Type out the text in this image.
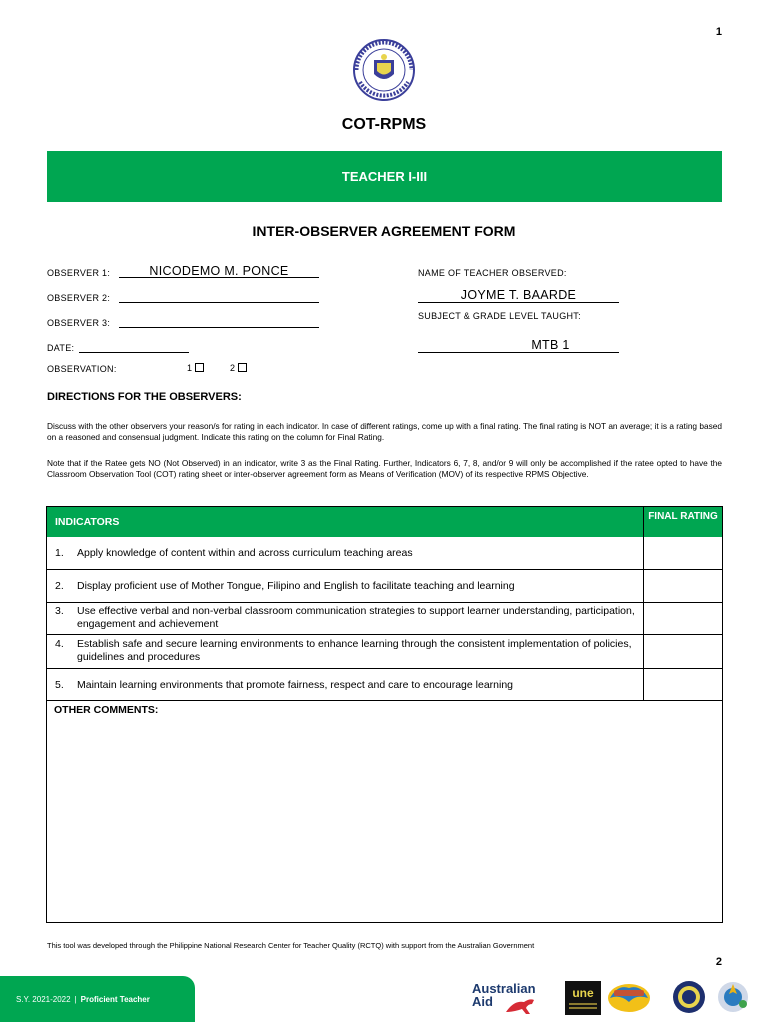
1
COT-RPMS
TEACHER I-III
INTER-OBSERVER AGREEMENT FORM
OBSERVER 1:	NICODEMO M. PONCE
OBSERVER 2:
OBSERVER 3:
DATE:
OBSERVATION:	1	2
NAME OF TEACHER OBSERVED:
JOYME T. BAARDE
SUBJECT & GRADE LEVEL TAUGHT:
MTB 1
DIRECTIONS FOR THE OBSERVERS:
Discuss with the other observers your reason/s for rating in each indicator. In case of different ratings, come up with a final rating. The final rating is NOT an average; it is a rating based on a reasoned and consensual judgment. Indicate this rating on the column for Final Rating.
Note that if the Ratee gets NO (Not Observed) in an indicator, write 3 as the Final Rating. Further, Indicators 6, 7, 8, and/or 9 will only be accomplished if the ratee opted to have the Classroom Observation Tool (COT) rating sheet or inter-observer agreement form as Means of Verification (MOV) of its respective RPMS Objective.
INDICATORS	FINAL RATING
1. Apply knowledge of content within and across curriculum teaching areas
2. Display proficient use of Mother Tongue, Filipino and English to facilitate teaching and learning
3. Use effective verbal and non-verbal classroom communication strategies to support learner understanding, participation, engagement and achievement
4. Establish safe and secure learning environments to enhance learning through the consistent implementation of policies, guidelines and procedures
5. Maintain learning environments that promote fairness, respect and care to encourage learning
OTHER COMMENTS:
This tool was developed through the Philippine National Research Center for Teacher Quality (RCTQ) with support from the Australian Government
2
S.Y. 2021-2022 | Proficient Teacher
Australian
Aid
une
